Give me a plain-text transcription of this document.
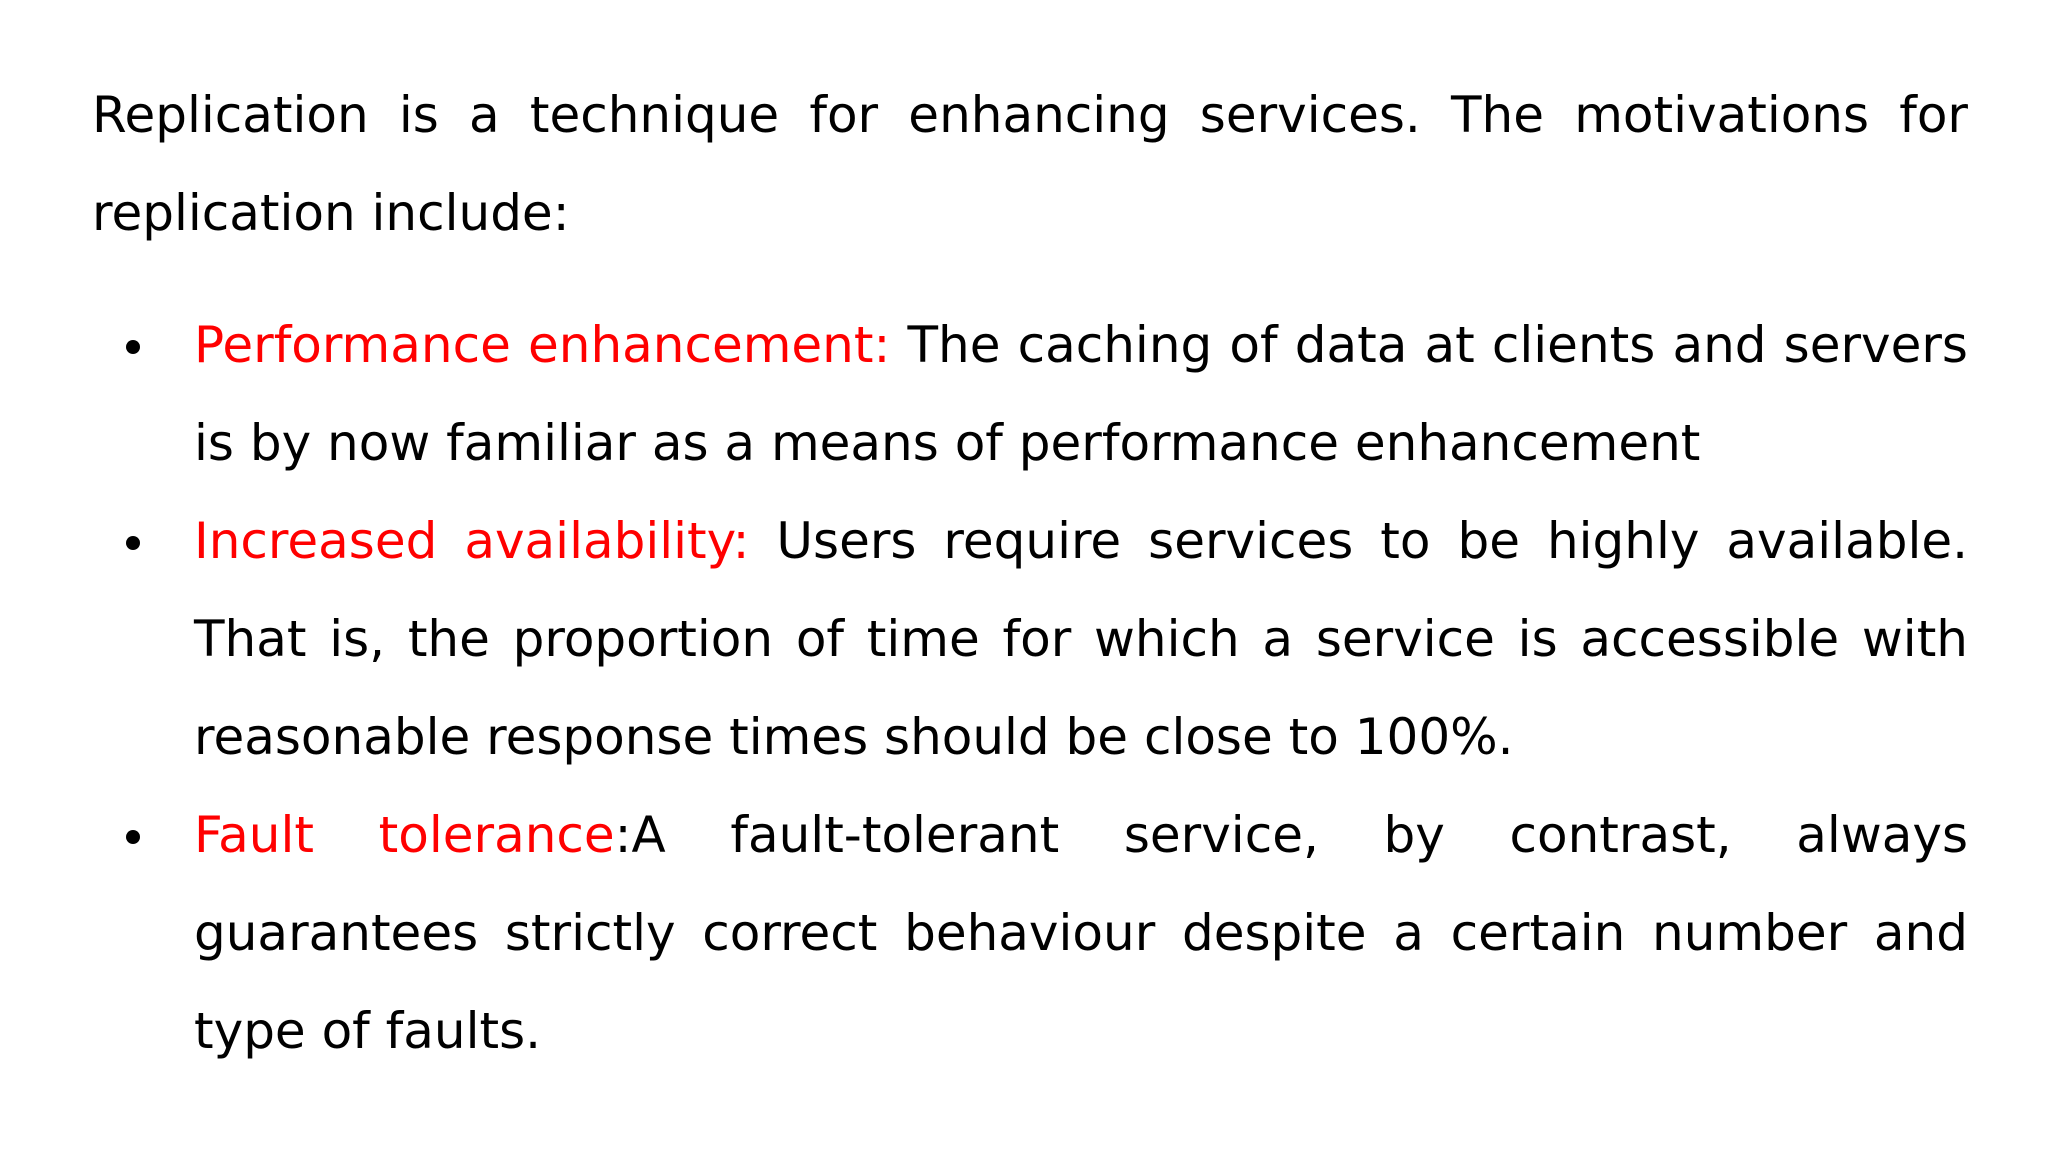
Replication is a technique for enhancing services. The motivations for replication include:

Performance enhancement: The caching of data at clients and servers is by now familiar as a means of performance enhancement
Increased availability: Users require services to be highly available. That is, the proportion of time for which a service is accessible with reasonable response times should be close to 100%.
Fault tolerance:A fault-tolerant service, by contrast, always guarantees strictly correct behaviour despite a certain number and type of faults.
